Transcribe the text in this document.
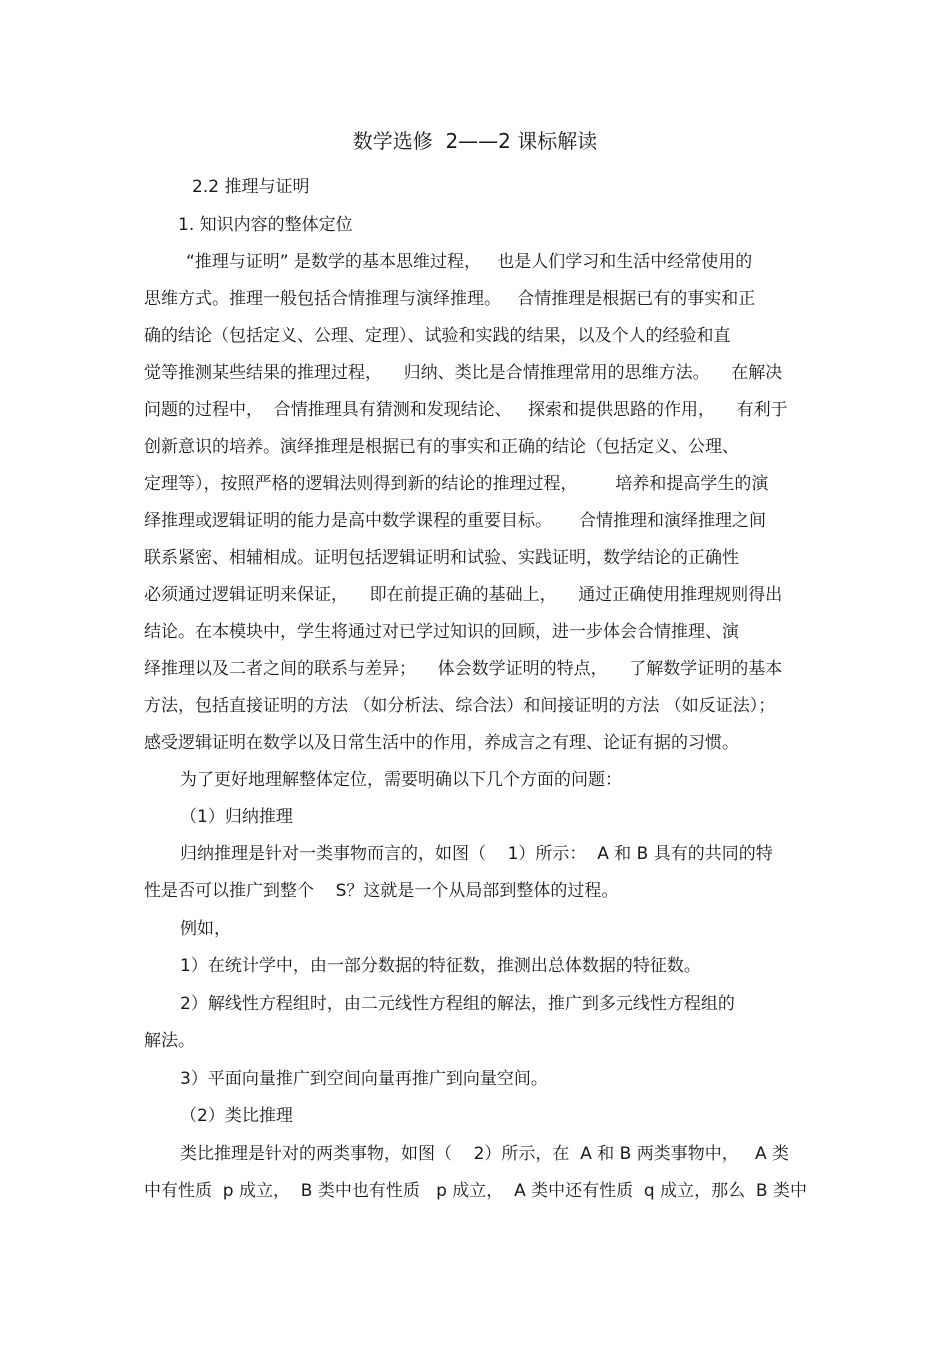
数学选修  2——2 课标解读
2.2 推理与证明
1. 知识内容的整体定位
“推理与证明” 是数学的基本思维过程，   也是人们学习和生活中经常使用的
思维方式。推理一般包括合情推理与演绎推理。   合情推理是根据已有的事实和正
确的结论（包括定义、公理、定理）、试验和实践的结果，以及个人的经验和直
觉等推测某些结果的推理过程，    归纳、类比是合情推理常用的思维方法。    在解决
问题的过程中，  合情推理具有猜测和发现结论、   探索和提供思路的作用，    有利于
创新意识的培养。演绎推理是根据已有的事实和正确的结论（包括定义、公理、
定理等），按照严格的逻辑法则得到新的结论的推理过程，       培养和提高学生的演
绎推理或逻辑证明的能力是高中数学课程的重要目标。     合情推理和演绎推理之间
联系紧密、相辅相成。证明包括逻辑证明和试验、实践证明，数学结论的正确性
必须通过逻辑证明来保证，    即在前提正确的基础上，    通过正确使用推理规则得出
结论。在本模块中，学生将通过对已学过知识的回顾，进一步体会合情推理、演
绎推理以及二者之间的联系与差异；    体会数学证明的特点，    了解数学证明的基本
方法，包括直接证明的方法 （如分析法、综合法）和间接证明的方法 （如反证法）；
感受逻辑证明在数学以及日常生活中的作用，养成言之有理、论证有据的习惯。
为了更好地理解整体定位，需要明确以下几个方面的问题：
（1）归纳推理
归纳推理是针对一类事物而言的，如图（    1）所示：  A 和 B 具有的共同的特
性是否可以推广到整个    S？这就是一个从局部到整体的过程。
例如，
1）在统计学中，由一部分数据的特征数，推测出总体数据的特征数。
2）解线性方程组时，由二元线性方程组的解法，推广到多元线性方程组的
解法。
3）平面向量推广到空间向量再推广到向量空间。
（2）类比推理
类比推理是针对的两类事物，如图（    2）所示，在  A 和 B 两类事物中，   A 类
中有性质  p 成立，  B 类中也有性质   p 成立，  A 类中还有性质  q 成立，那么  B 类中
